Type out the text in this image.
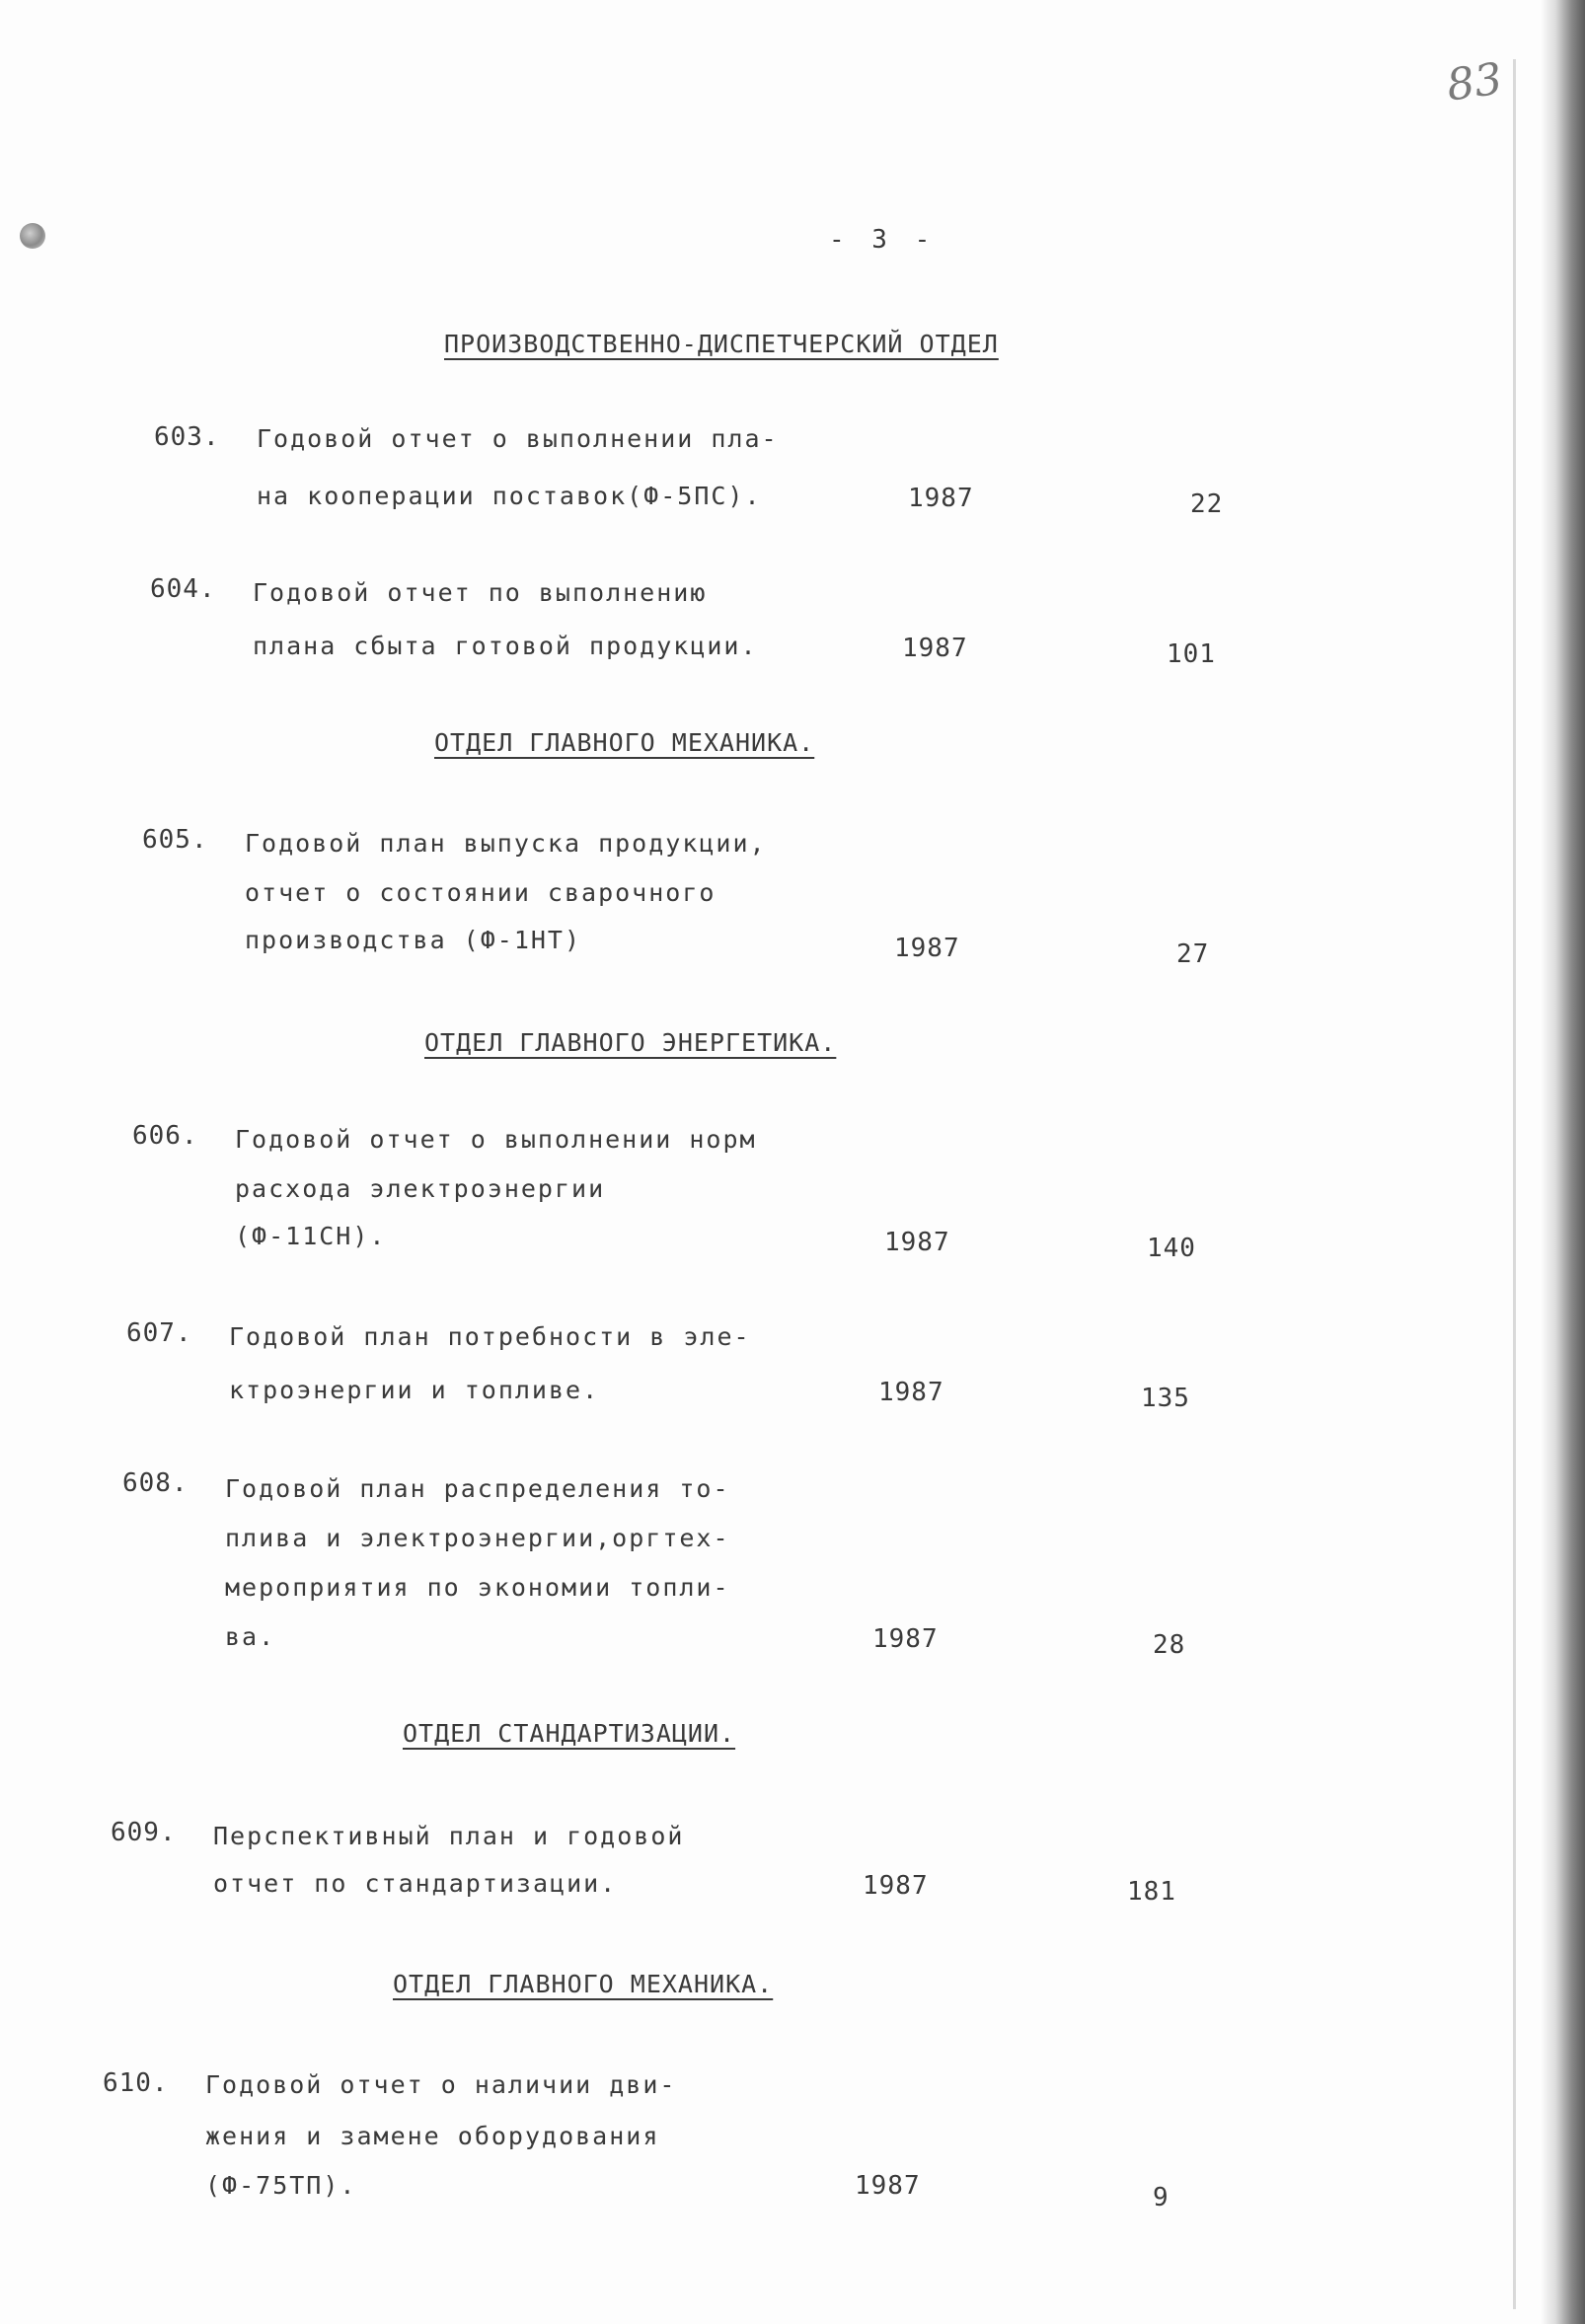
83
- 3 -
ПРОИЗВОДСТВЕННО-ДИСПЕТЧЕРСКИЙ ОТДЕЛ
603. Годовой отчет о выполнении пла-
на кооперации поставок(Ф-5ПС).	1987	22
604. Годовой отчет по выполнению
плана сбыта готовой продукции.	1987	101
ОТДЕЛ ГЛАВНОГО МЕХАНИКА.
605. Годовой план выпуска продукции,
отчет о состоянии сварочного
производства (Ф-1НТ)	1987	27
ОТДЕЛ ГЛАВНОГО ЭНЕРГЕТИКА.
606. Годовой отчет о выполнении норм
расхода электроэнергии
(Ф-11СН).	1987	140
607. Годовой план потребности в эле-
ктроэнергии и топливе.	1987	135
608. Годовой план распределения то-
плива и электроэнергии,оргтех-
мероприятия по экономии топли-
ва.	1987	28
ОТДЕЛ СТАНДАРТИЗАЦИИ.
609. Перспективный план и годовой
отчет по стандартизации.	1987	181
ОТДЕЛ ГЛАВНОГО МЕХАНИКА.
610. Годовой отчет о наличии дви-
жения и замене оборудования
(Ф-75ТП).	1987	9
